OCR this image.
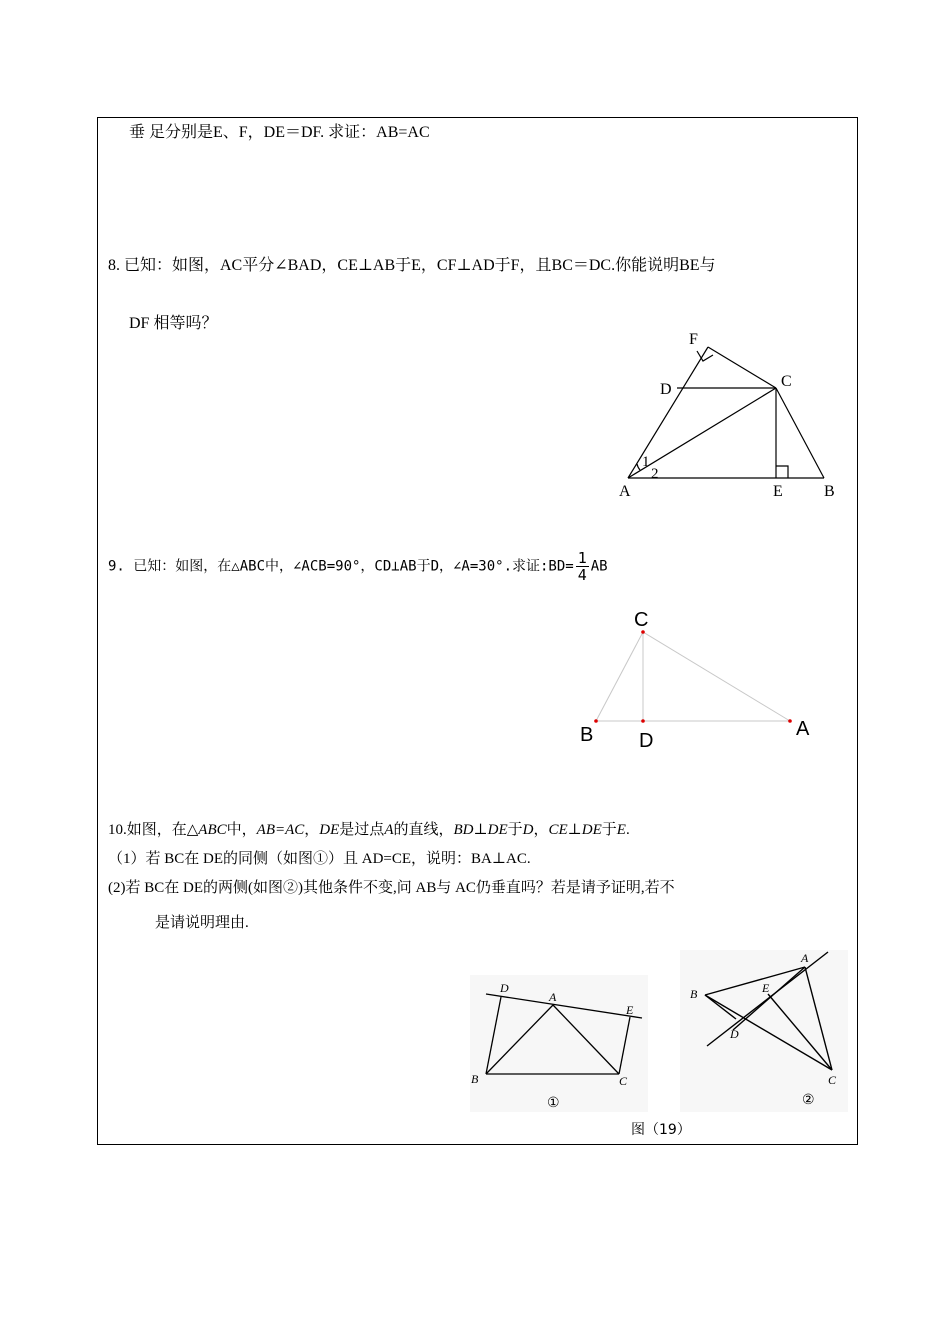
垂 足分别是E、F，DE＝DF. 求证：AB=AC
8. 已知：如图，AC平分∠BAD，CE⊥AB于E，CF⊥AD于F，且BC＝DC.你能说明BE与
DF 相等吗？
F
D	C
A	E	B
1
2
9. 已知：如图，在△ABC中，∠ACB=90°，CD⊥AB于D，∠A=30°.求证:BD= $\frac{1}{4}$ AB
C
B D
A
10.如图，在△ABC中，AB=AC，DE是过点A的直线，BD⊥DE于D，CE⊥DE于E.
（1）若 BC在 DE的同侧（如图①）且 AD=CE，说明：BA⊥AC.
(2)若 BC在 DE的两侧(如图②)其他条件不变,问 AB与 AC仍垂直吗？若是请予证明,若不
是请说明理由.
D
A
E
B	C
①
A
B	E
D
C
②
图（19）
